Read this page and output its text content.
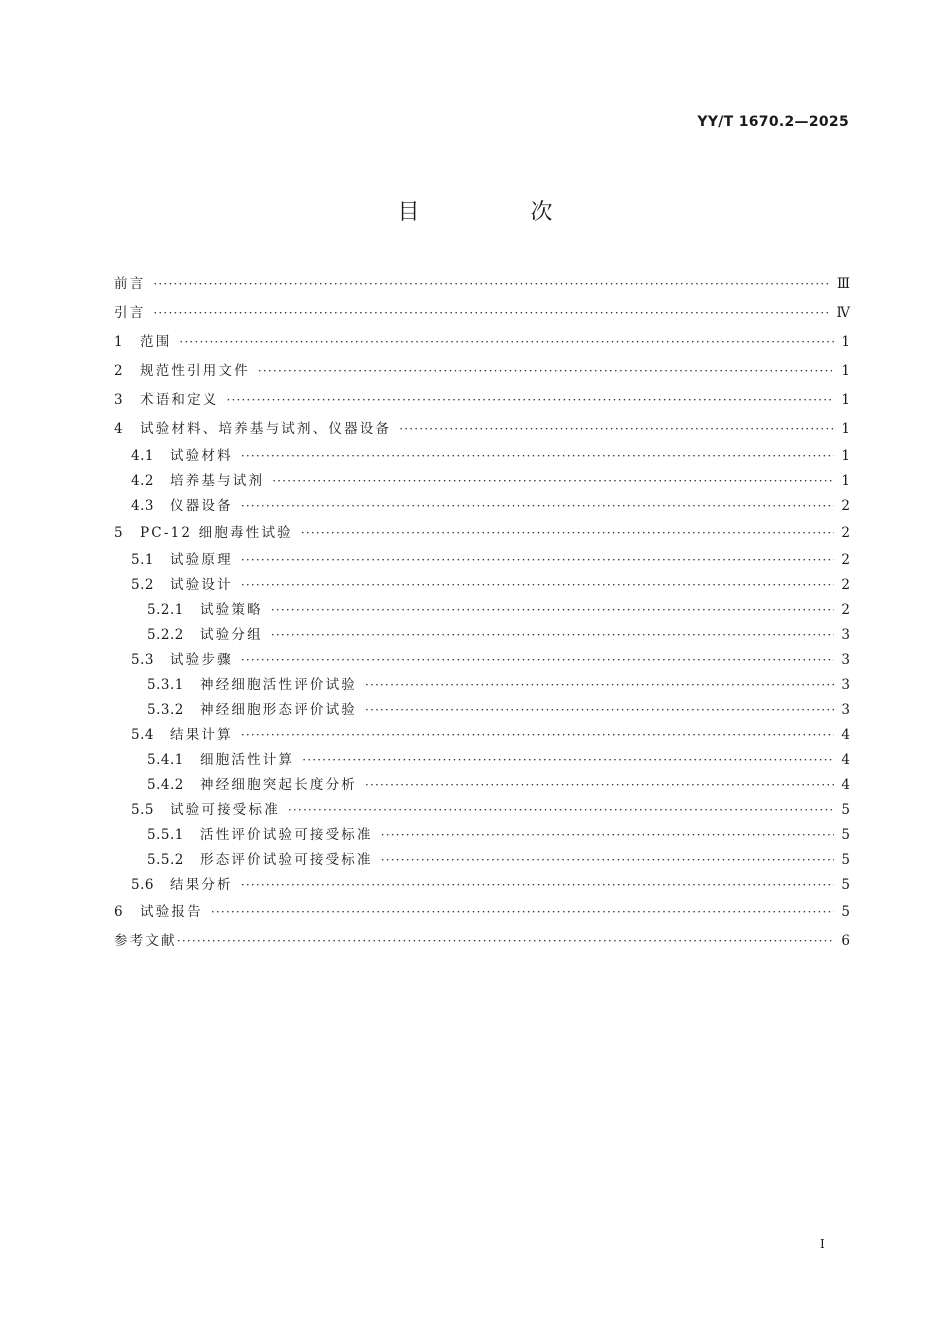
YY/T 1670.2—2025
目 次
前言 ·····	Ⅲ
引言 ·····	Ⅳ
1	范围 ·····	1
2	规范性引用文件 ·····	1
3	术语和定义 ·····	1
4	试验材料、培养基与试剂、仪器设备 ·····	1
4.1	试验材料 ·····	1
4.2	培养基与试剂 ·····	1
4.3	仪器设备 ·····	2
5	PC-12 细胞毒性试验 ·····	2
5.1	试验原理 ·····	2
5.2	试验设计 ·····	2
5.2.1	试验策略 ·····	2
5.2.2	试验分组 ·····	3
5.3	试验步骤 ·····	3
5.3.1	神经细胞活性评价试验 ·····	3
5.3.2	神经细胞形态评价试验 ·····	3
5.4	结果计算 ·····	4
5.4.1	细胞活性计算 ·····	4
5.4.2	神经细胞突起长度分析 ·····	4
5.5	试验可接受标准 ·····	5
5.5.1	活性评价试验可接受标准 ·····	5
5.5.2	形态评价试验可接受标准 ·····	5
5.6	结果分析 ·····	5
6	试验报告 ·····	5
参考文献 ·····	6
I
